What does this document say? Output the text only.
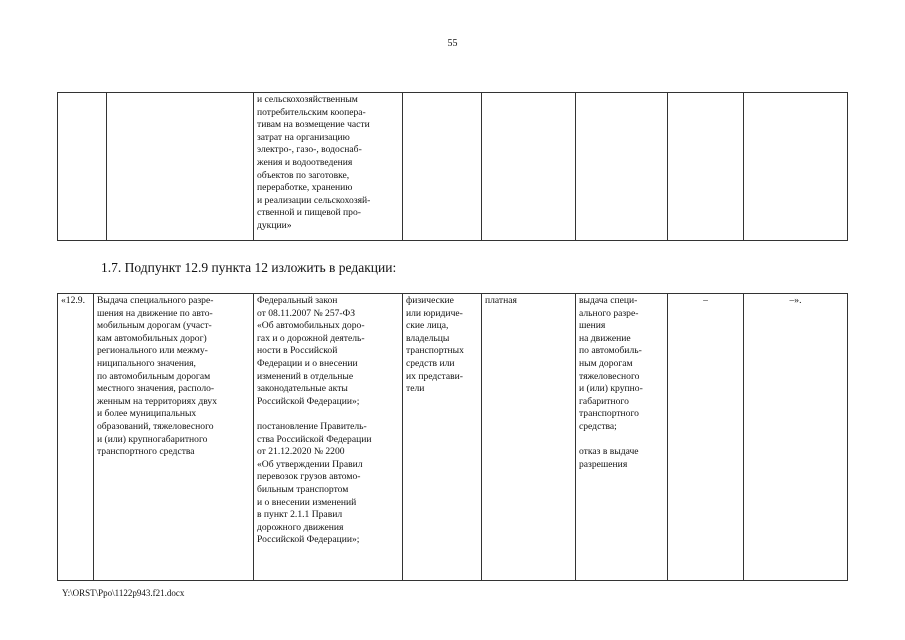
55
		и сельскохозяйственным
потребительским коопера-
тивам на возмещение части
затрат на организацию
электро-, газо-, водоснаб-
жения и водоотведения
объектов по заготовке,
переработке, хранению
и реализации сельскохозяй-
ственной и пищевой про-
дукции»					
1.7. Подпункт 12.9 пункта 12 изложить в редакции:
«12.9.	Выдача специального разре-
шения на движение по авто-
мобильным дорогам (участ-
кам автомобильных дорог)
регионального или межму-
ниципального значения,
по автомобильным дорогам
местного значения, располо-
женным на территориях двух
и более муниципальных
образований, тяжеловесного
и (или) крупногабаритного
транспортного средства	Федеральный закон
от 08.11.2007 № 257-ФЗ
«Об автомобильных доро-
гах и о дорожной деятель-
ности в Российской
Федерации и о внесении
изменений в отдельные
законодательные акты
Российской Федерации»;

постановление Правитель-
ства Российской Федерации
от 21.12.2020 № 2200
«Об утверждении Правил
перевозок грузов автомо-
бильным транспортом
и о внесении изменений
в пункт 2.1.1 Правил
дорожного движения
Российской Федерации»;	физические
или юридиче-
ские лица,
владельцы
транспортных
средств или
их представи-
тели	платная	выдача специ-
ального разре-
шения
на движение
по автомобиль-
ным дорогам
тяжеловесного
и (или) крупно-
габаритного
транспортного
средства;

отказ в выдаче
разрешения	–	–».
Y:\ORST\Ppo\1122p943.f21.docx
